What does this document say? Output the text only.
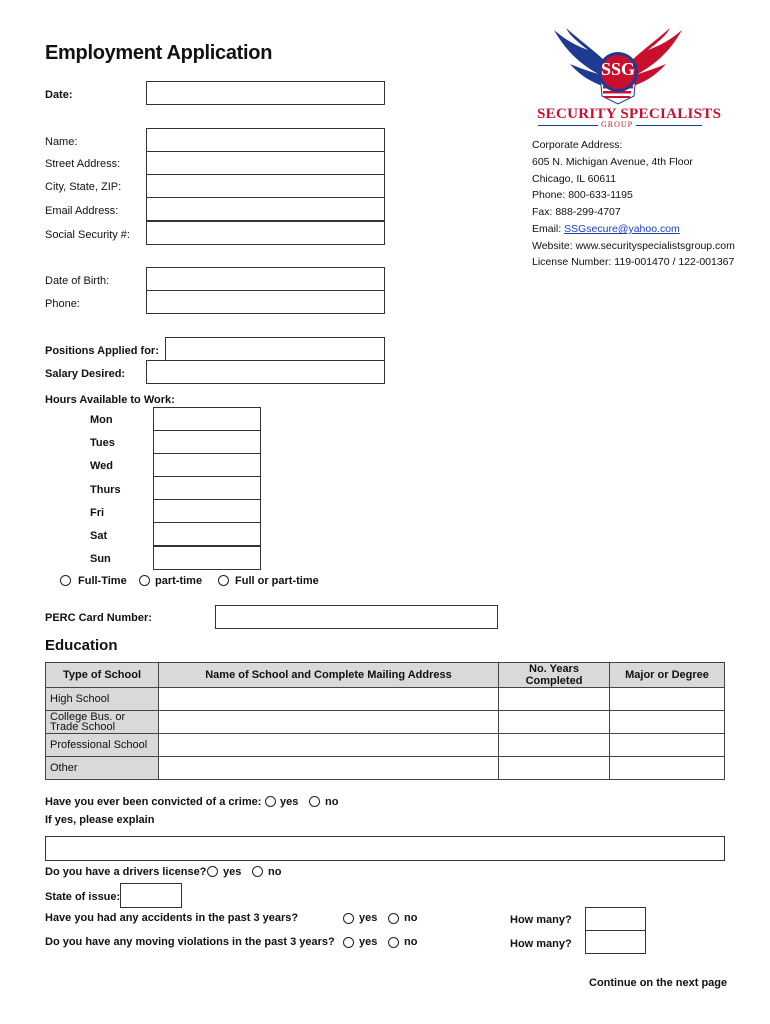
Employment Application
SSG
SECURITY SPECIALISTS
GROUP
Corporate Address:
605 N. Michigan Avenue, 4th Floor
Chicago, IL 60611
Phone: 800-633-1195
Fax: 888-299-4707
Email: SSGsecure@yahoo.com
Website: www.securityspecialistsgroup.com
License Number: 119-001470 / 122-001367
Date:
Name:
Street Address:
City, State, ZIP:
Email Address:
Social Security #:
Date of Birth:
Phone:
Positions Applied for:
Salary Desired:
Hours Available to Work:
Mon
Tues
Wed
Thurs
Fri
Sat
Sun
Full-Time	part-time	Full or part-time
PERC Card Number:
Education
Type of School	Name of School and Complete Mailing Address	No. Years Completed	Major or Degree
High School			
College Bus. or Trade School			
Professional School			
Other			
Have you ever been convicted of a crime: yes no
If yes, please explain
Do you have a drivers license? yes no
State of issue:
Have you had any accidents in the past 3 years?	yes no	How many?
Do you have any moving violations in the past 3 years? yes no	How many?
Continue on the next page
